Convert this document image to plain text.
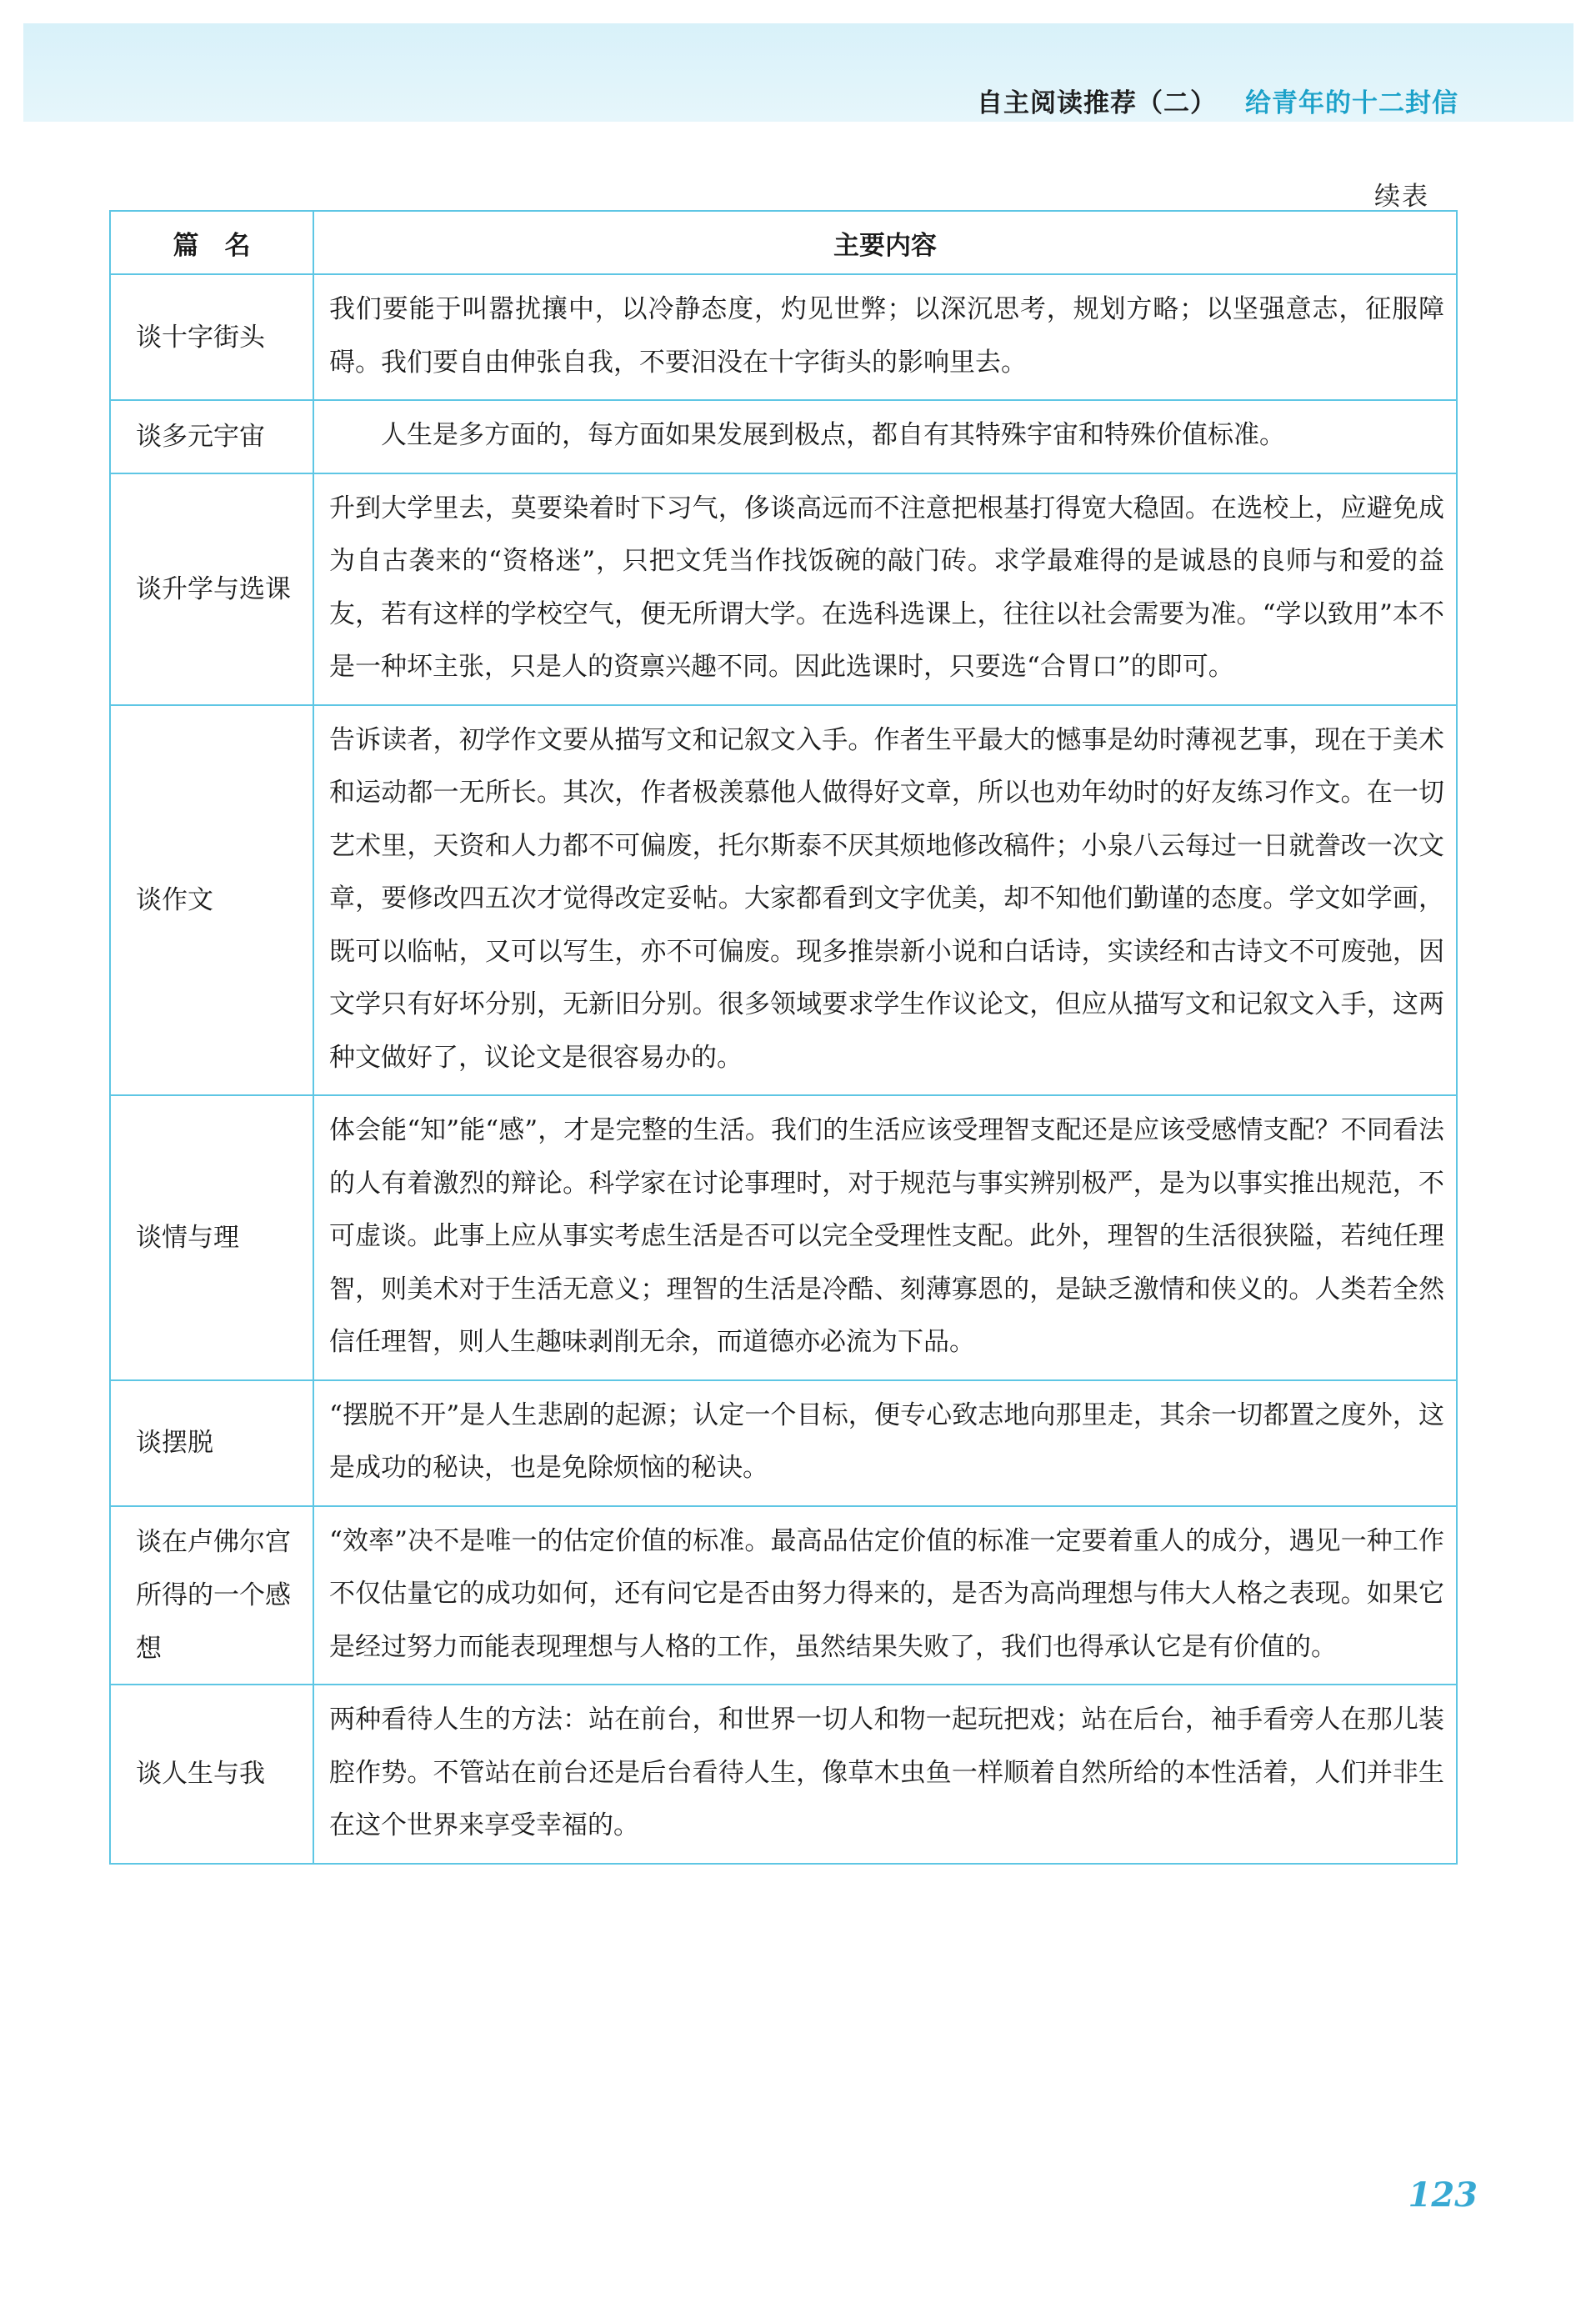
自主阅读推荐（二） 给青年的十二封信
续表
篇　名	主要内容
谈十字街头	我们要能于叫嚣扰攘中，以冷静态度，灼见世弊；以深沉思考，规划方略；以坚强意志，征服障碍。我们要自由伸张自我，不要汨没在十字街头的影响里去。
谈多元宇宙	人生是多方面的，每方面如果发展到极点，都自有其特殊宇宙和特殊价值标准。
谈升学与选课	升到大学里去，莫要染着时下习气，侈谈高远而不注意把根基打得宽大稳固。在选校上，应避免成为自古袭来的“资格迷”，只把文凭当作找饭碗的敲门砖。求学最难得的是诚恳的良师与和爱的益友，若有这样的学校空气，便无所谓大学。在选科选课上，往往以社会需要为准。“学以致用”本不是一种坏主张，只是人的资禀兴趣不同。因此选课时，只要选“合胃口”的即可。
谈作文	告诉读者，初学作文要从描写文和记叙文入手。作者生平最大的憾事是幼时薄视艺事，现在于美术和运动都一无所长。其次，作者极羡慕他人做得好文章，所以也劝年幼时的好友练习作文。在一切艺术里，天资和人力都不可偏废，托尔斯泰不厌其烦地修改稿件；小泉八云每过一日就誊改一次文章，要修改四五次才觉得改定妥帖。大家都看到文字优美，却不知他们勤谨的态度。学文如学画，既可以临帖，又可以写生，亦不可偏废。现多推崇新小说和白话诗，实读经和古诗文不可废弛，因文学只有好坏分别，无新旧分别。很多领域要求学生作议论文，但应从描写文和记叙文入手，这两种文做好了，议论文是很容易办的。
谈情与理	体会能“知”能“感”，才是完整的生活。我们的生活应该受理智支配还是应该受感情支配？不同看法的人有着激烈的辩论。科学家在讨论事理时，对于规范与事实辨别极严，是为以事实推出规范，不可虚谈。此事上应从事实考虑生活是否可以完全受理性支配。此外，理智的生活很狭隘，若纯任理智，则美术对于生活无意义；理智的生活是冷酷、刻薄寡恩的，是缺乏激情和侠义的。人类若全然信任理智，则人生趣味剥削无余，而道德亦必流为下品。
谈摆脱	“摆脱不开”是人生悲剧的起源；认定一个目标，便专心致志地向那里走，其余一切都置之度外，这是成功的秘诀，也是免除烦恼的秘诀。
谈在卢佛尔宫所得的一个感想	“效率”决不是唯一的估定价值的标准。最高品估定价值的标准一定要着重人的成分，遇见一种工作不仅估量它的成功如何，还有问它是否由努力得来的，是否为高尚理想与伟大人格之表现。如果它是经过努力而能表现理想与人格的工作，虽然结果失败了，我们也得承认它是有价值的。
谈人生与我	两种看待人生的方法：站在前台，和世界一切人和物一起玩把戏；站在后台，袖手看旁人在那儿装腔作势。不管站在前台还是后台看待人生，像草木虫鱼一样顺着自然所给的本性活着，人们并非生在这个世界来享受幸福的。
123
